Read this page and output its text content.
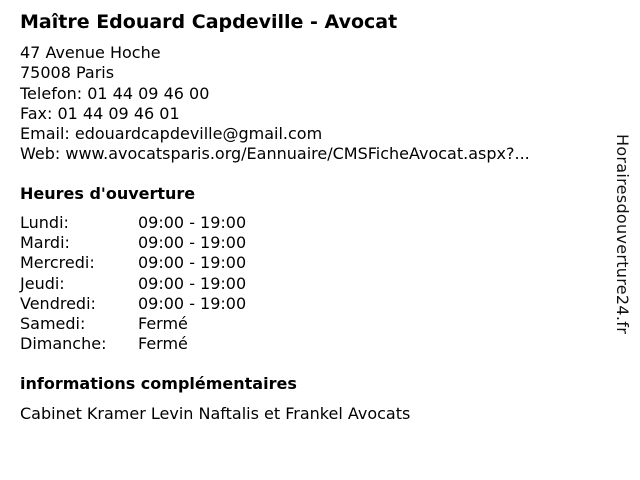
Maître Edouard Capdeville - Avocat
47 Avenue Hoche
75008 Paris
Telefon: 01 44 09 46 00
Fax: 01 44 09 46 01
Email: edouardcapdeville@gmail.com
Web: www.avocatsparis.org/Eannuaire/CMSFicheAvocat.aspx?...
Heures d'ouverture
Lundi:	09:00 - 19:00
Mardi:	09:00 - 19:00
Mercredi:	09:00 - 19:00
Jeudi:	09:00 - 19:00
Vendredi:	09:00 - 19:00
Samedi:	Fermé
Dimanche: Fermé
informations complémentaires
Cabinet Kramer Levin Naftalis et Frankel Avocats
Horairesdouverture24.fr
